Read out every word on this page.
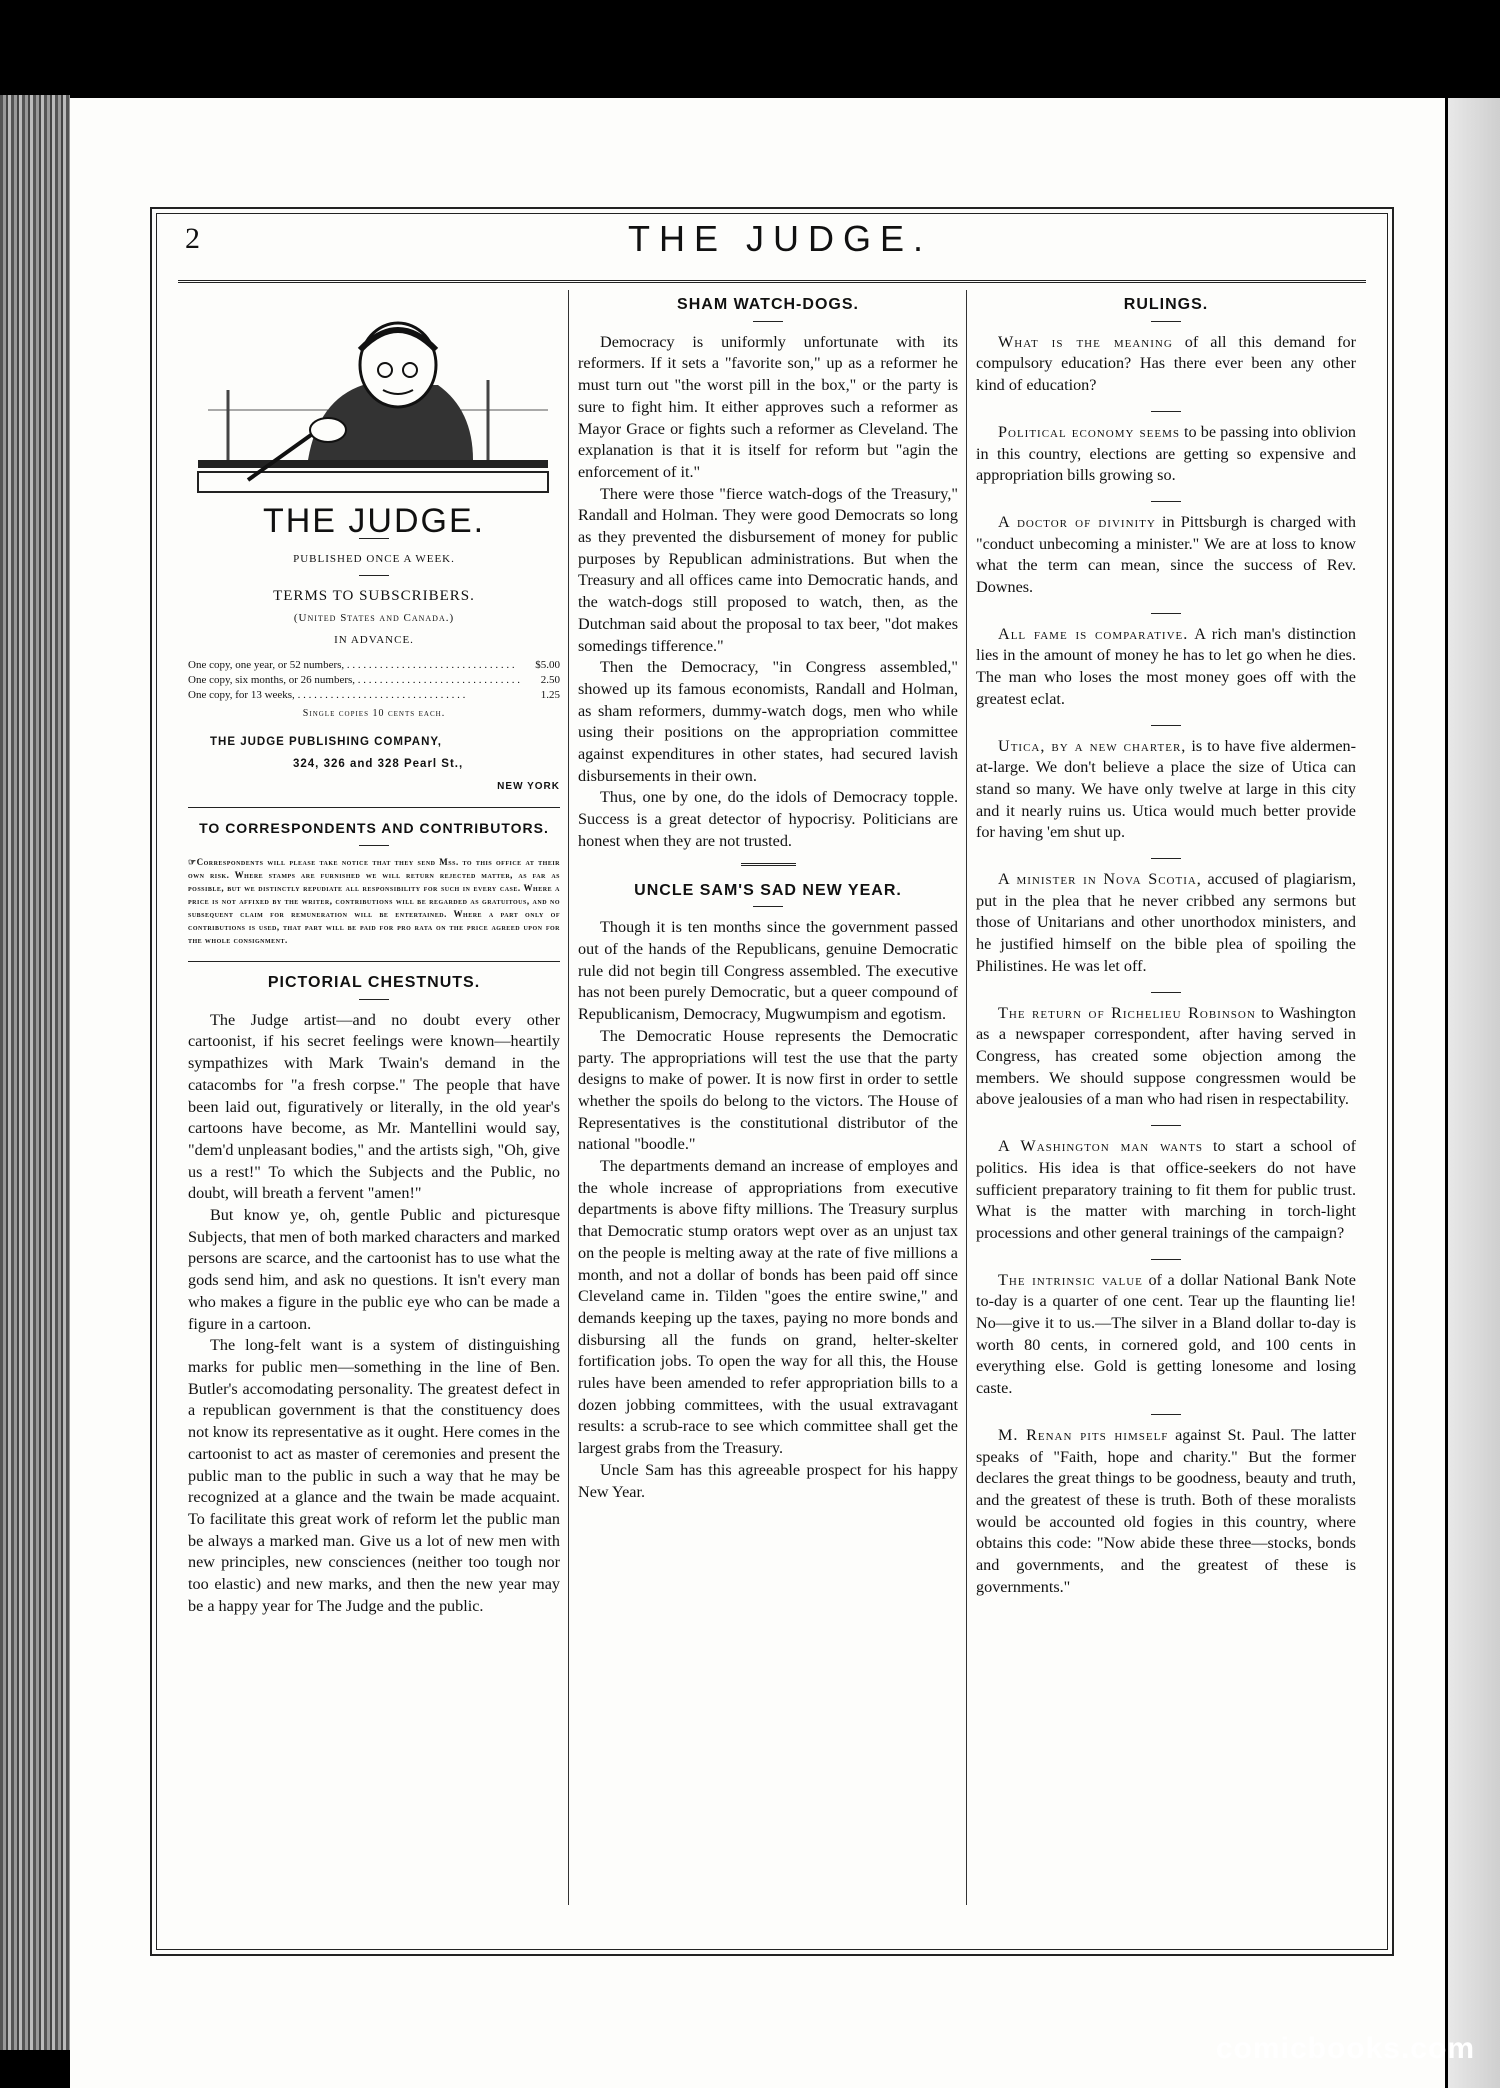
2	THE JUDGE.
THE JUDGE.
PUBLISHED ONCE A WEEK.
TERMS TO SUBSCRIBERS.
(United States and Canada.)
IN ADVANCE.
One copy, one year, or 52 numbers, . . .	$5.00
One copy, six months, or 26 numbers, . . .	2.50
One copy, for 13 weeks, . . .	1.25
Single copies 10 cents each.
THE JUDGE PUBLISHING COMPANY,
324, 326 and 328 Pearl St.,
NEW YORK
TO CORRESPONDENTS AND CONTRIBUTORS.
☞Correspondents will please take notice that they send Mss. to this office at their own risk. Where stamps are furnished we will return rejected matter, as far as possible, but we distinctly repudiate all responsibility for such in every case. Where a price is not affixed by the writer, contributions will be regarded as gratuitous, and no subsequent claim for remuneration will be entertained. Where a part only of contributions is used, that part will be paid for pro rata on the price agreed upon for the whole consignment.
PICTORIAL CHESTNUTS.

The Judge artist—and no doubt every other cartoonist, if his secret feelings were known—heartily sympathizes with Mark Twain's demand in the catacombs for "a fresh corpse." The people that have been laid out, figuratively or literally, in the old year's cartoons have become, as Mr. Mantellini would say, "dem'd unpleasant bodies," and the artists sigh, "Oh, give us a rest!" To which the Subjects and the Public, no doubt, will breath a fervent "amen!"

But know ye, oh, gentle Public and picturesque Subjects, that men of both marked characters and marked persons are scarce, and the cartoonist has to use what the gods send him, and ask no questions. It isn't every man who makes a figure in the public eye who can be made a figure in a cartoon.

The long-felt want is a system of distinguishing marks for public men—something in the line of Ben. Butler's accomodating personality. The greatest defect in a republican government is that the constituency does not know its representative as it ought. Here comes in the cartoonist to act as master of ceremonies and present the public man to the public in such a way that he may be recognized at a glance and the twain be made acquaint. To facilitate this great work of reform let the public man be always a marked man. Give us a lot of new men with new principles, new consciences (neither too tough nor too elastic) and new marks, and then the new year may be a happy year for The Judge and the public.

SHAM WATCH-DOGS.

Democracy is uniformly unfortunate with its reformers. If it sets a "favorite son," up as a reformer he must turn out "the worst pill in the box," or the party is sure to fight him. It either approves such a reformer as Mayor Grace or fights such a reformer as Cleveland. The explanation is that it is itself for reform but "agin the enforcement of it."

There were those "fierce watch-dogs of the Treasury," Randall and Holman. They were good Democrats so long as they prevented the disbursement of money for public purposes by Republican administrations. But when the Treasury and all offices came into Democratic hands, and the watch-dogs still proposed to watch, then, as the Dutchman said about the proposal to tax beer, "dot makes somedings tifference."

Then the Democracy, "in Congress assembled," showed up its famous economists, Randall and Holman, as sham reformers, dummy-watch dogs, men who while using their positions on the appropriation committee against expenditures in other states, had secured lavish disbursements in their own.

Thus, one by one, do the idols of Democracy topple. Success is a great detector of hypocrisy. Politicians are honest when they are not trusted.

UNCLE SAM'S SAD NEW YEAR.

Though it is ten months since the government passed out of the hands of the Republicans, genuine Democratic rule did not begin till Congress assembled. The executive has not been purely Democratic, but a queer compound of Republicanism, Democracy, Mugwumpism and egotism.

The Democratic House represents the Democratic party. The appropriations will test the use that the party designs to make of power. It is now first in order to settle whether the spoils do belong to the victors. The House of Representatives is the constitutional distributor of the national "boodle."

The departments demand an increase of employes and the whole increase of appropriations from executive departments is above fifty millions. The Treasury surplus that Democratic stump orators wept over as an unjust tax on the people is melting away at the rate of five millions a month, and not a dollar of bonds has been paid off since Cleveland came in. Tilden "goes the entire swine," and demands keeping up the taxes, paying no more bonds and disbursing all the funds on grand, helter-skelter fortification jobs. To open the way for all this, the House rules have been amended to refer appropriation bills to a dozen jobbing committees, with the usual extravagant results: a scrub-race to see which committee shall get the largest grabs from the Treasury.

Uncle Sam has this agreeable prospect for his happy New Year.

RULINGS.

What is the meaning of all this demand for compulsory education? Has there ever been any other kind of education?

Political economy seems to be passing into oblivion in this country, elections are getting so expensive and appropriation bills growing so.

A doctor of divinity in Pittsburgh is charged with "conduct unbecoming a minister." We are at loss to know what the term can mean, since the success of Rev. Downes.

All fame is comparative. A rich man's distinction lies in the amount of money he has to let go when he dies. The man who loses the most money goes off with the greatest eclat.

Utica, by a new charter, is to have five aldermen-at-large. We don't believe a place the size of Utica can stand so many. We have only twelve at large in this city and it nearly ruins us. Utica would much better provide for having 'em shut up.

A minister in Nova Scotia, accused of plagiarism, put in the plea that he never cribbed any sermons but those of Unitarians and other unorthodox ministers, and he justified himself on the bible plea of spoiling the Philistines. He was let off.

The return of Richelieu Robinson to Washington as a newspaper correspondent, after having served in Congress, has created some objection among the members. We should suppose congressmen would be above jealousies of a man who had risen in respectability.

A Washington man wants to start a school of politics. His idea is that office-seekers do not have sufficient preparatory training to fit them for public trust. What is the matter with marching in torch-light processions and other general trainings of the campaign?

The intrinsic value of a dollar National Bank Note to-day is a quarter of one cent. Tear up the flaunting lie! No—give it to us.—The silver in a Bland dollar to-day is worth 80 cents, in cornered gold, and 100 cents in everything else. Gold is getting lonesome and losing caste.

M. Renan pits himself against St. Paul. The latter speaks of "Faith, hope and charity." But the former declares the great things to be goodness, beauty and truth, and the greatest of these is truth. Both of these moralists would be accounted old fogies in this country, where obtains this code: "Now abide these three—stocks, bonds and governments, and the greatest of these is governments."

comicbooks.com
